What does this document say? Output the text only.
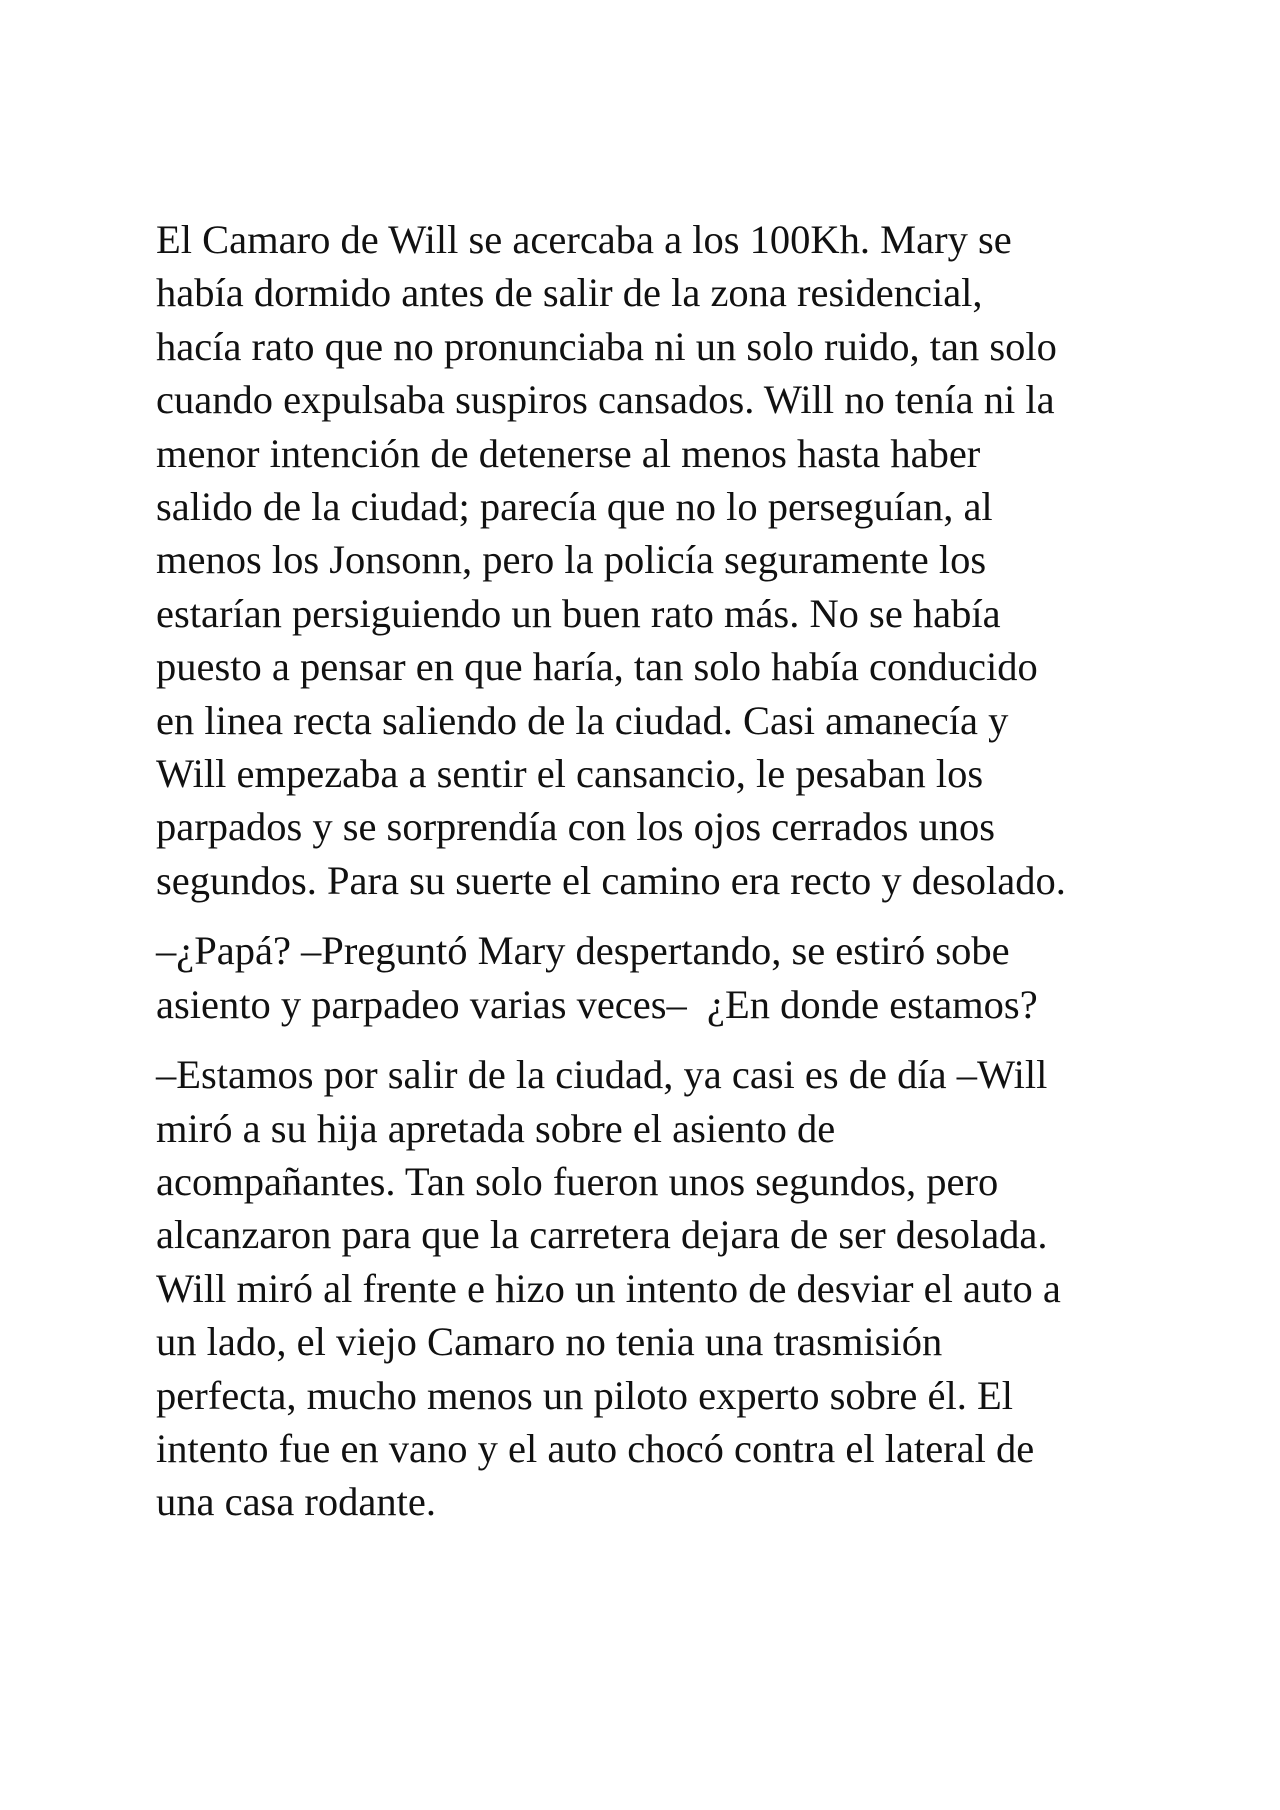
El Camaro de Will se acercaba a los 100Kh. Mary se
había dormido antes de salir de la zona residencial,
hacía rato que no pronunciaba ni un solo ruido, tan solo
cuando expulsaba suspiros cansados. Will no tenía ni la
menor intención de detenerse al menos hasta haber
salido de la ciudad; parecía que no lo perseguían, al
menos los Jonsonn, pero la policía seguramente los
estarían persiguiendo un buen rato más. No se había
puesto a pensar en que haría, tan solo había conducido
en linea recta saliendo de la ciudad. Casi amanecía y
Will empezaba a sentir el cansancio, le pesaban los
parpados y se sorprendía con los ojos cerrados unos
segundos. Para su suerte el camino era recto y desolado.

–¿Papá? –Preguntó Mary despertando, se estiró sobe
asiento y parpadeo varias veces–  ¿En donde estamos?

–Estamos por salir de la ciudad, ya casi es de día –Will
miró a su hija apretada sobre el asiento de
acompañantes. Tan solo fueron unos segundos, pero
alcanzaron para que la carretera dejara de ser desolada.
Will miró al frente e hizo un intento de desviar el auto a
un lado, el viejo Camaro no tenia una trasmisión
perfecta, mucho menos un piloto experto sobre él. El
intento fue en vano y el auto chocó contra el lateral de
una casa rodante.
